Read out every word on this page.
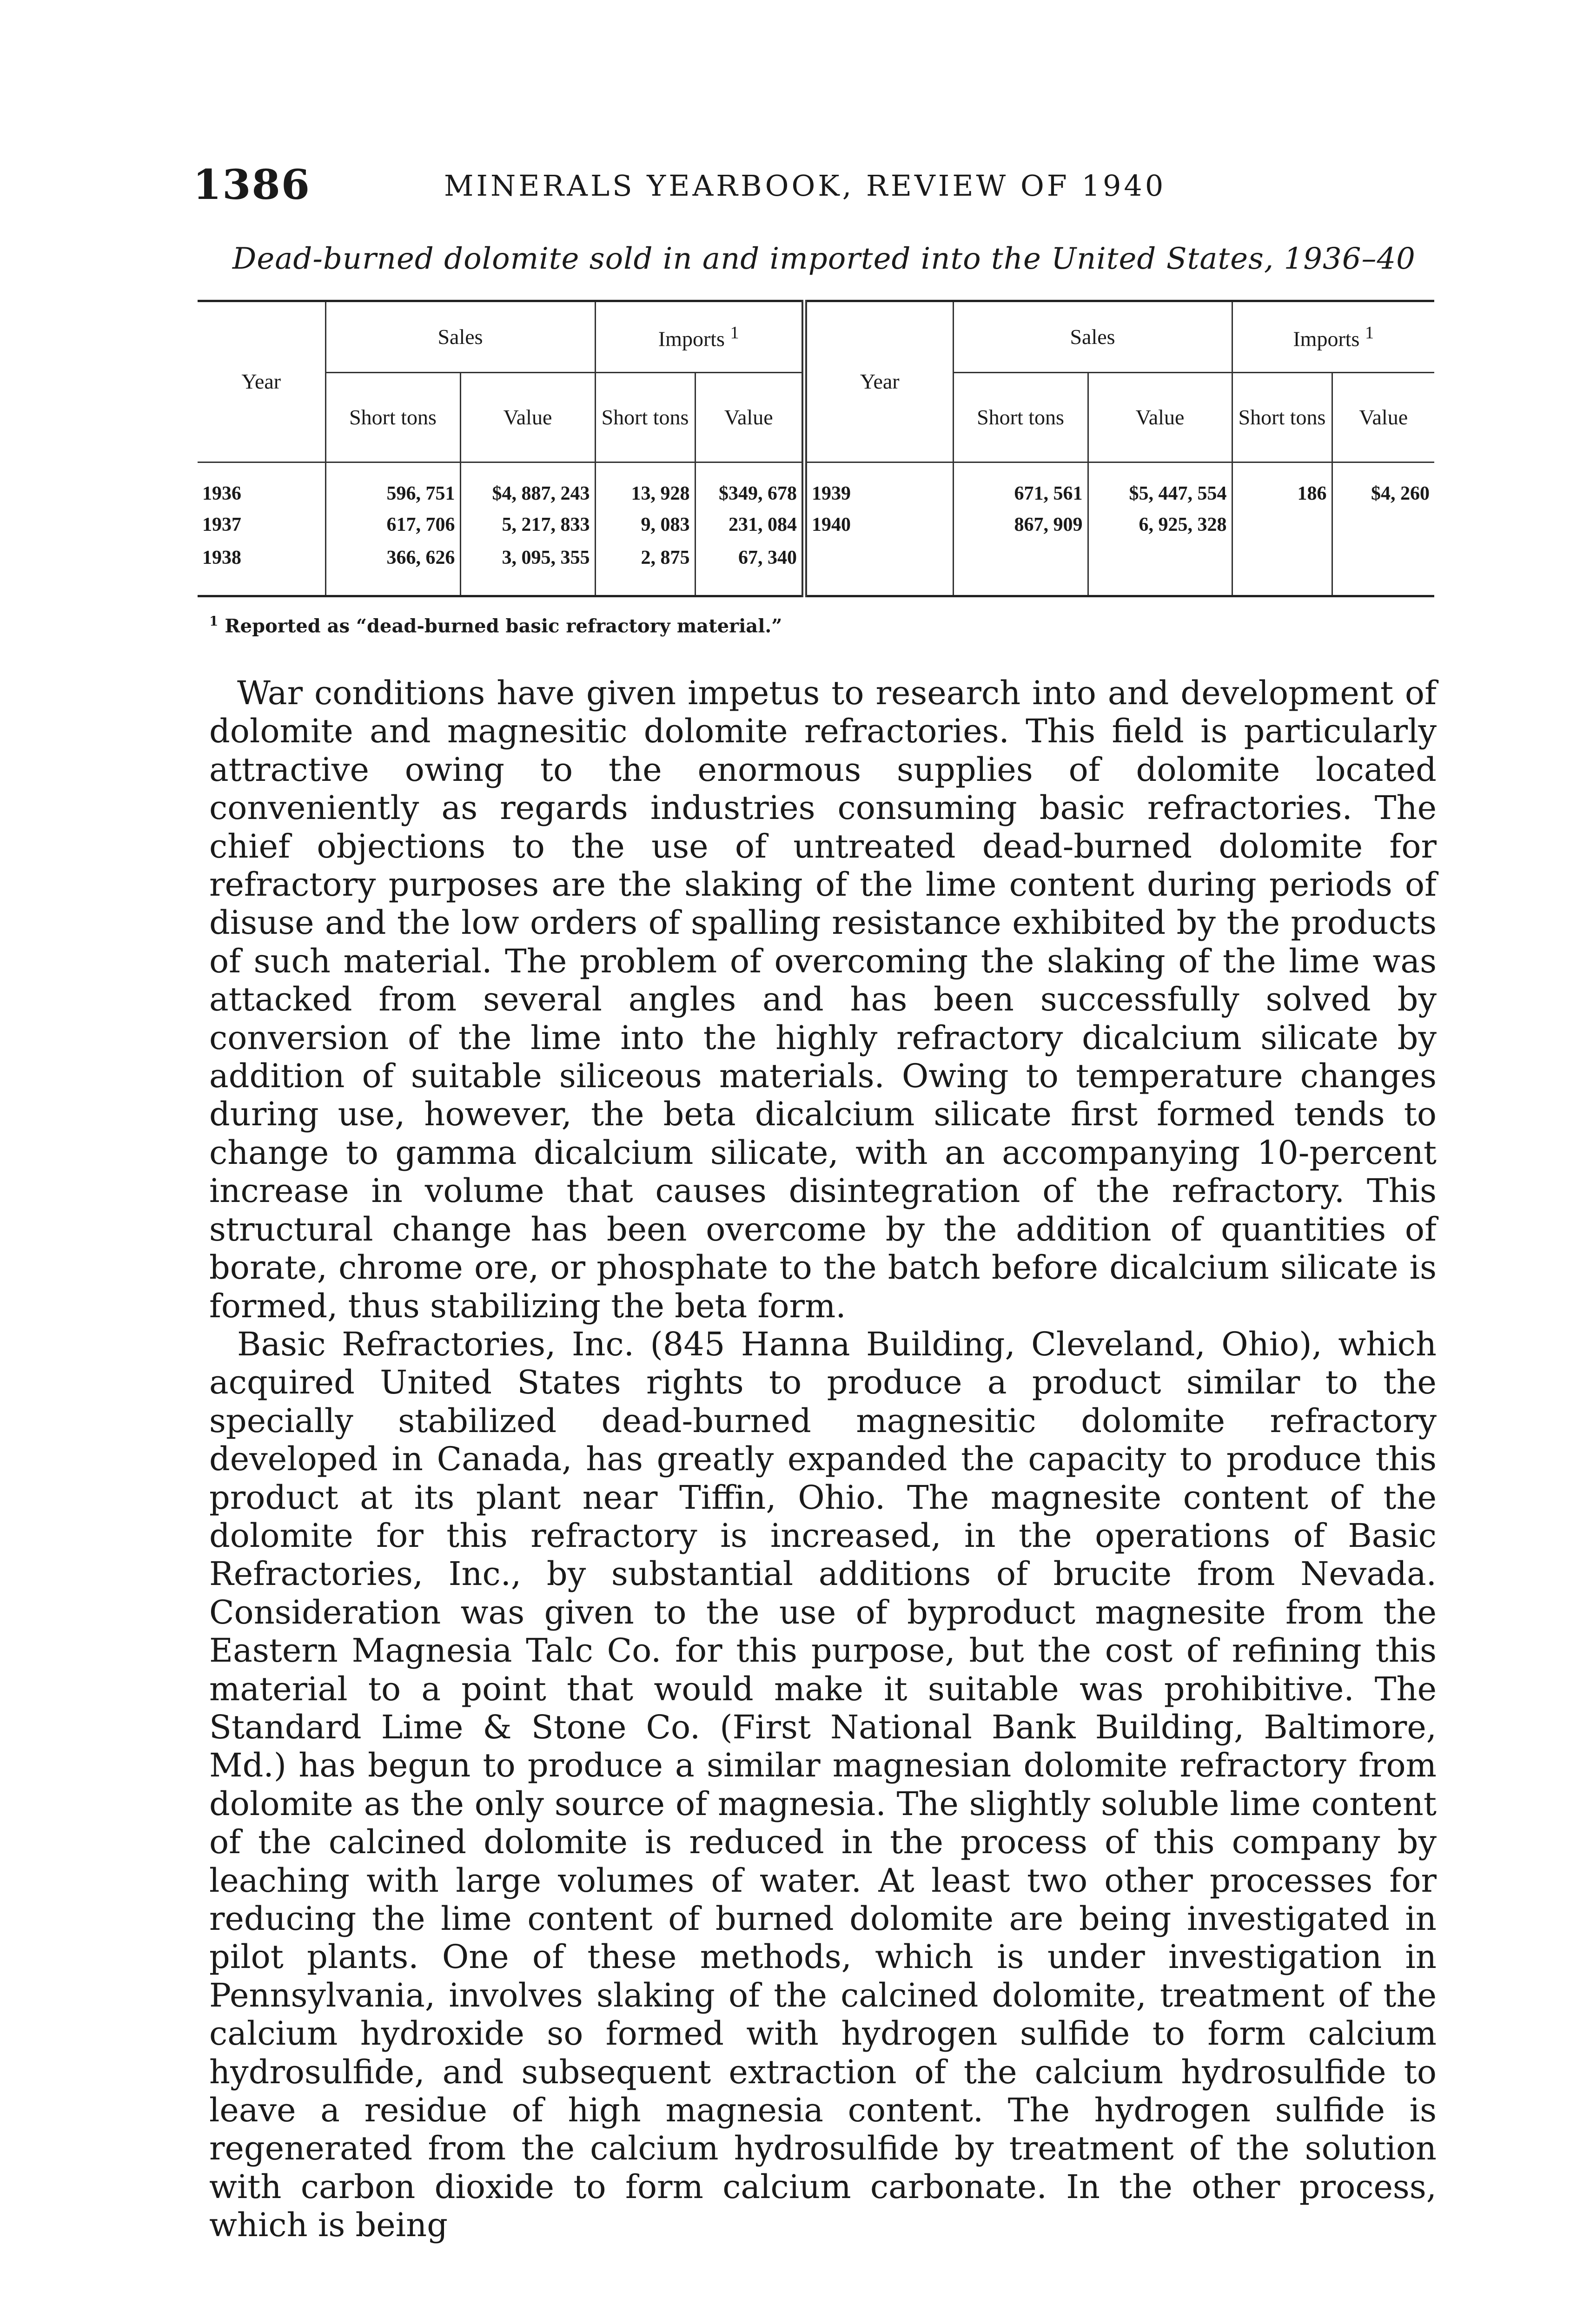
1386	MINERALS YEARBOOK, REVIEW OF 1940
Dead-burned dolomite sold in and imported into the United States, 1936–40
Year	Sales		Imports $^1$		Year	Sales		Imports $^1$
	Short tons	Value	Short tons	Value		Short tons	Value	Short tons	Value
1936	596, 751	$4, 887, 243	13, 928	$349, 678	1939	671, 561	$5, 447, 554	186	$4, 260
1937	617, 706	5, 217, 833	9, 083	231, 084	1940	867, 909	6, 925, 328		
1938	366, 626	3, 095, 355	2, 875	67, 340					
$^1$ Reported as “dead-burned basic refractory material.”

War conditions have given impetus to research into and development of dolomite and magnesitic dolomite refractories. This field is particularly attractive owing to the enormous supplies of dolomite located conveniently as regards industries consuming basic refractories. The chief objections to the use of untreated dead-burned dolomite for refractory purposes are the slaking of the lime content during periods of disuse and the low orders of spalling resistance exhibited by the products of such material. The problem of overcoming the slaking of the lime was attacked from several angles and has been successfully solved by conversion of the lime into the highly refractory dicalcium silicate by addition of suitable siliceous materials. Owing to temperature changes during use, however, the beta dicalcium silicate first formed tends to change to gamma dicalcium silicate, with an accompanying 10-percent increase in volume that causes disintegration of the refractory. This structural change has been overcome by the addition of quantities of borate, chrome ore, or phosphate to the batch before dicalcium silicate is formed, thus stabilizing the beta form.

Basic Refractories, Inc. (845 Hanna Building, Cleveland, Ohio), which acquired United States rights to produce a product similar to the specially stabilized dead-burned magnesitic dolomite refractory developed in Canada, has greatly expanded the capacity to produce this product at its plant near Tiffin, Ohio. The magnesite content of the dolomite for this refractory is increased, in the operations of Basic Refractories, Inc., by substantial additions of brucite from Nevada. Consideration was given to the use of byproduct magnesite from the Eastern Magnesia Talc Co. for this purpose, but the cost of refining this material to a point that would make it suitable was prohibitive. The Standard Lime & Stone Co. (First National Bank Building, Baltimore, Md.) has begun to produce a similar magnesian dolomite refractory from dolomite as the only source of magnesia. The slightly soluble lime content of the calcined dolomite is reduced in the process of this company by leaching with large volumes of water. At least two other processes for reducing the lime content of burned dolomite are being investigated in pilot plants. One of these methods, which is under investigation in Pennsylvania, involves slaking of the calcined dolomite, treatment of the calcium hydroxide so formed with hydrogen sulfide to form calcium hydrosulfide, and subsequent extraction of the calcium hydrosulfide to leave a residue of high magnesia content. The hydrogen sulfide is regenerated from the calcium hydrosulfide by treatment of the solution with carbon dioxide to form calcium carbonate. In the other process, which is being
